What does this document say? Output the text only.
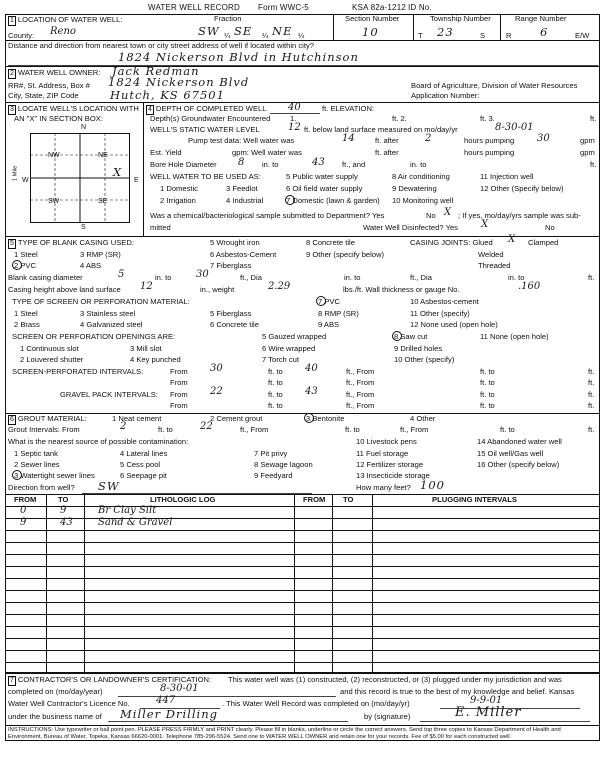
WATER WELL RECORD Form WWC-5	KSA 82a-1212 ID No.
1 LOCATION OF WATER WELL:	Fraction	Section Number	Township Number	Range Number
County: Reno	SW ¼ SE ¼ NE ¼	10	T 23	S	R 6	E/W
Distance and direction from nearest town or city street address of well if located within city?
1824 Nickerson Blvd in Hutchinson
2 WATER WELL OWNER: Jack Redman
RR#, St. Address, Box # 1824 Nickerson Blvd
City, State, ZIP Code	Hutch, KS 67501
Board of Agriculture, Division of Water Resources
Application Number:
3 LOCATE WELL'S LOCATION WITH
AN "X" IN SECTION BOX:
N
S
W	E
1 Mile
NW	NE
SW	SE
X
4 DEPTH OF COMPLETED WELL 40	ft. ELEVATION:
Depth(s) Groundwater Encountered	1.	ft. 2.	ft. 3.	ft.
WELL'S STATIC WATER LEVEL	12 ft. below land surface measured on mo/day/yr	8-30-01
Pump test data: Well water was	14	ft. after	2	hours pumping 30	gpm
Est. Yield	gpm: Well water was	ft. after	hours pumping	gpm
Bore Hole Diameter 8 in. to	43 ft., and	in. to	ft.
WELL WATER TO BE USED AS:	5 Public water supply	8 Air conditioning	11 Injection well
1 Domestic	3 Feedlot	6 Oil field water supply	9 Dewatering	12 Other (Specify below)
2 Irrigation	4 Industrial	7 Domestic (lawn & garden) 10 Monitoring well
Was a chemical/bacteriological sample submitted to Department? Yes	No X ; If yes, mo/day/yrs sample was sub-
mitted	Water Well Disinfected? Yes X	No
5 TYPE OF BLANK CASING USED:
1 Steel	3 RMP (SR)
2 PVC	4 ABS
5 Wrought iron
6 Asbestos-Cement
7 Fiberglass
8 Concrete tile
9 Other (specify below)
CASING JOINTS: Glued X Clamped
Welded
Threaded
Blank casing diameter	5	in. to 30	ft., Dia	in. to	ft., Dia	in. to	ft.
Casing height above land surface 12	in., weight	2.29	lbs./ft. Wall thickness or gauge No.	.160
TYPE OF SCREEN OR PERFORATION MATERIAL:
1 Steel	3 Stainless steel	5 Fiberglass
7 PVC	10 Asbestos-cement
2 Brass	4 Galvanized steel	6 Concrete tile
8 RMP (SR)	11 Other (specify)
9 ABS	12 None used (open hole)
SCREEN OR PERFORATION OPENINGS ARE:	5 Gauzed wrapped	8 Saw cut	11 None (open hole)
1 Continuous slot	3 Mill slot	6 Wire wrapped	9 Drilled holes
2 Louvered shutter	4 Key punched	7 Torch cut	10 Other (specify)
SCREEN-PERFORATED INTERVALS:	From 30	ft. to 40	ft., From	ft. to	ft.
From	ft. to	ft., From	ft. to	ft.
GRAVEL PACK INTERVALS: From 22	ft. to 43	ft., From	ft. to	ft.
From	ft. to	ft., From	ft. to	ft.
6 GROUT MATERIAL:	1 Neat cement	2 Cement grout	3 Bentonite	4 Other
Grout Intervals: From	2	ft. to	22	ft., From	ft. to	ft., From	ft. to	ft.
What is the nearest source of possible contamination:	10 Livestock pens	14 Abandoned water well
1 Septic tank	4 Lateral lines	7 Pit privy	11 Fuel storage	15 Oil well/Gas well
2 Sewer lines	5 Cess pool	8 Sewage lagoon	12 Fertilizer storage	16 Other (specify below)
3 Watertight sewer lines	6 Seepage pit	9 Feedyard	13 Insecticide storage
Direction from well? SW	How many feet? 100
FROM	TO	LITHOLOGIC LOG	FROM TO	PLUGGING INTERVALS
0	9	Br Clay Silt
9	43	Sand & Gravel
7 CONTRACTOR'S OR LANDOWNER'S CERTIFICATION: This water well was (1) constructed, (2) reconstructed, or (3) plugged under my jurisdiction and was
completed on (mo/day/year)	8-30-01	and this record is true to the best of my knowledge and belief. Kansas
Water Well Contractor's Licence No.	447	. This Water Well Record was completed on (mo/day/yr)	9-9-01
under the business name of Miller Drilling	by (signature)	E. Miller
INSTRUCTIONS: Use typewriter or ball point pen. PLEASE PRESS FIRMLY and PRINT clearly. Please fill in blanks, underline or circle the correct answers. Send top three copies to Kansas Department of Health and
Environment, Bureau of Water, Topeka, Kansas 66620-0001. Telephone 785-296-5524. Send one to WATER WELL OWNER and retain one for your records. Fee of $5.00 for each constructed well.
